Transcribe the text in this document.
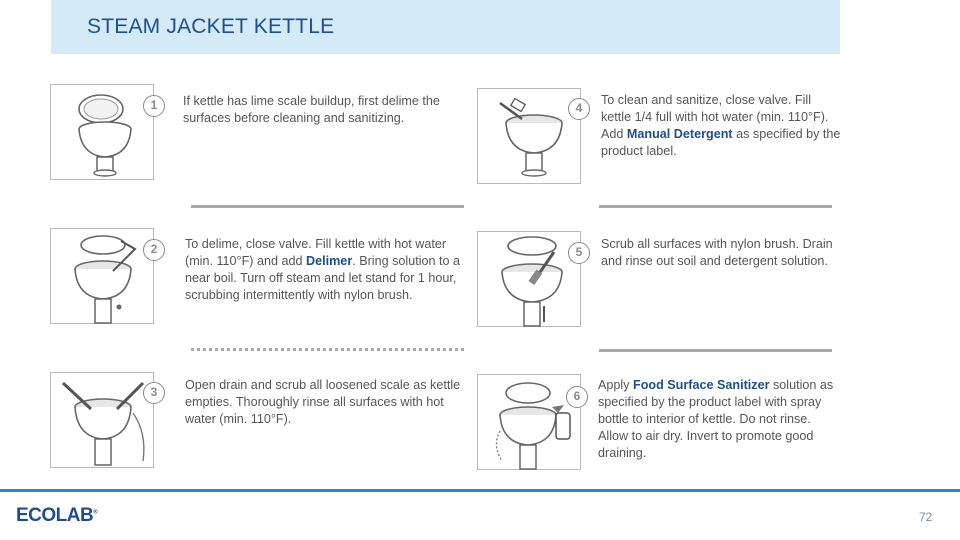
STEAM JACKET KETTLE
1	If kettle has lime scale buildup, first delime the surfaces before cleaning and sanitizing.
2	To delime, close valve. Fill kettle with hot water (min. 110°F) and add Delimer. Bring solution to a near boil. Turn off steam and let stand for 1 hour, scrubbing intermittently with nylon brush.
3	Open drain and scrub all loosened scale as kettle empties. Thoroughly rinse all surfaces with hot water (min. 110°F).
4
To clean and sanitize, close valve. Fill kettle 1/4 full with hot water (min. 110°F). Add Manual Detergent as specified by the product label.
5
Scrub all surfaces with nylon brush. Drain and rinse out soil and detergent solution.
6
Apply Food Surface Sanitizer solution as specified by the product label with spray bottle to interior of kettle. Do not rinse. Allow to air dry. Invert to promote good draining.
ECOLAB®	72
